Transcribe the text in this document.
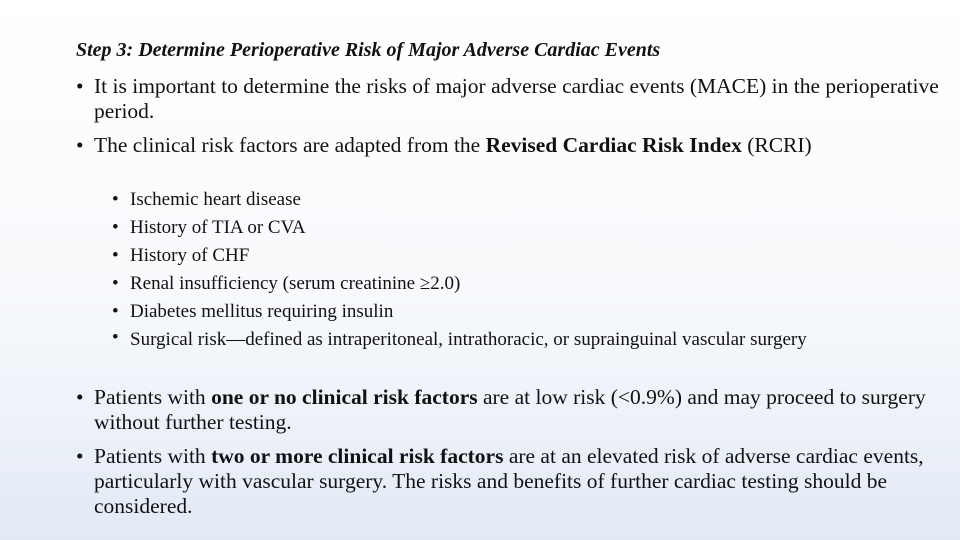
Step 3: Determine Perioperative Risk of Major Adverse Cardiac Events
• It is important to determine the risks of major adverse cardiac events (MACE) in the perioperative period.
• The clinical risk factors are adapted from the Revised Cardiac Risk Index (RCRI)
• Ischemic heart disease
• History of TIA or CVA
• History of CHF
• Renal insufficiency (serum creatinine ≥2.0)
• Diabetes mellitus requiring insulin
• Surgical risk—defined as intraperitoneal, intrathoracic, or suprainguinal vascular surgery
• Patients with one or no clinical risk factors are at low risk (<0.9%) and may proceed to surgery without further testing.
• Patients with two or more clinical risk factors are at an elevated risk of adverse cardiac events, particularly with vascular surgery. The risks and benefits of further cardiac testing should be considered.
